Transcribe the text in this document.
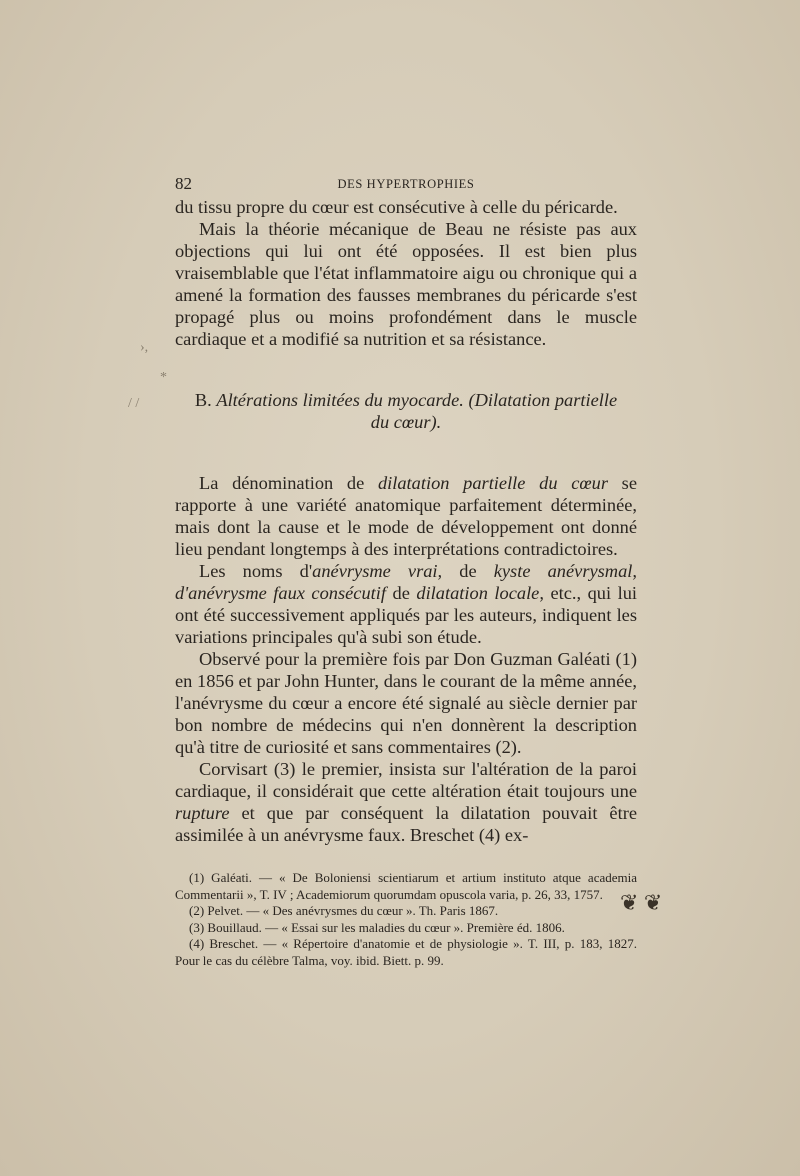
›,
*
/ /
❦ ❦
82	DES HYPERTROPHIES

du tissu propre du cœur est consécutive à celle du péricarde.

Mais la théorie mécanique de Beau ne résiste pas aux objections qui lui ont été opposées. Il est bien plus vraisemblable que l'état inflammatoire aigu ou chronique qui a amené la formation des fausses membranes du péricarde s'est propagé plus ou moins profondément dans le muscle cardiaque et a modifié sa nutrition et sa résistance.

B. Altérations limitées du myocarde. (Dilatation partielle
du cœur).

La dénomination de dilatation partielle du cœur se rapporte à une variété anatomique parfaitement déterminée, mais dont la cause et le mode de développement ont donné lieu pendant longtemps à des interprétations contradictoires.

Les noms d'anévrysme vrai, de kyste anévrysmal, d'anévrysme faux consécutif de dilatation locale, etc., qui lui ont été successivement appliqués par les auteurs, indiquent les variations principales qu'à subi son étude.

Observé pour la première fois par Don Guzman Galéati (1) en 1856 et par John Hunter, dans le courant de la même année, l'anévrysme du cœur a encore été signalé au siècle dernier par bon nombre de médecins qui n'en donnèrent la description qu'à titre de curiosité et sans commentaires (2).

Corvisart (3) le premier, insista sur l'altération de la paroi cardiaque, il considérait que cette altération était toujours une rupture et que par conséquent la dilatation pouvait être assimilée à un anévrysme faux. Breschet (4) ex-

(1) Galéati. — « De Boloniensi scientiarum et artium instituto atque academia Commentarii », T. IV ; Academiorum quorumdam opuscola varia, p. 26, 33, 1757.

(2) Pelvet. — « Des anévrysmes du cœur ». Th. Paris 1867.

(3) Bouillaud. — « Essai sur les maladies du cœur ». Première éd. 1806.

(4) Breschet. — « Répertoire d'anatomie et de physiologie ». T. III, p. 183, 1827. Pour le cas du célèbre Talma, voy. ibid. Biett. p. 99.
